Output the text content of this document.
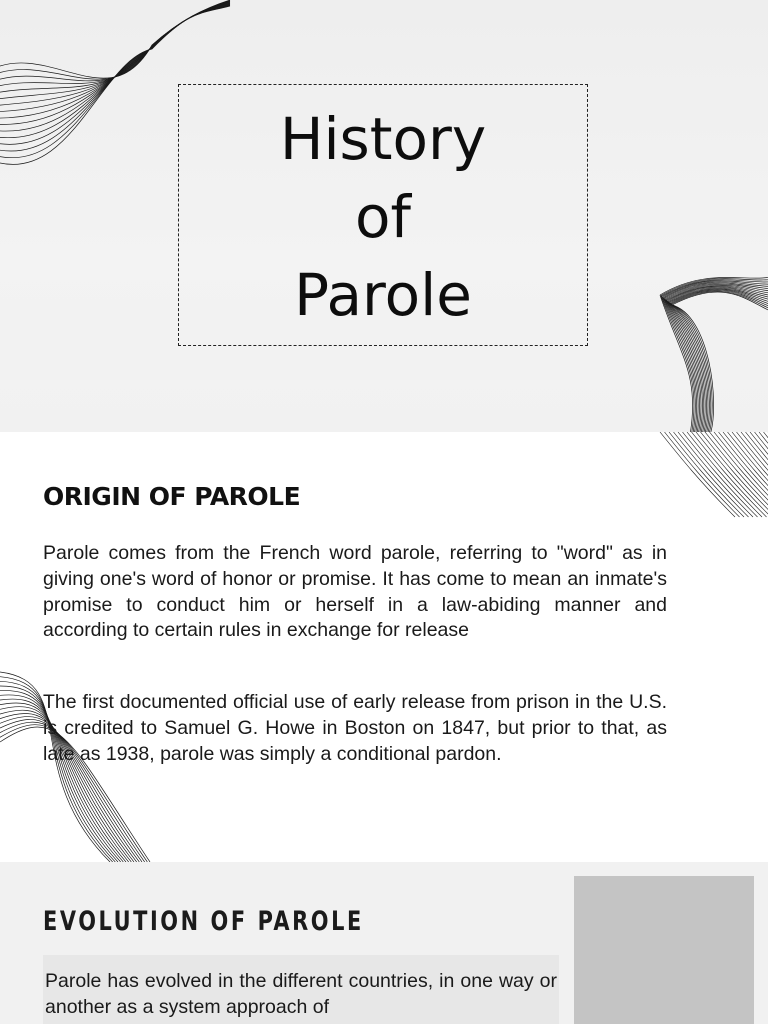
History
of
Parole
ORIGIN OF PAROLE

Parole comes from the French word parole, referring to "word" as in giving one's word of honor or promise. It has come to mean an inmate's promise to conduct him or herself in a law-abiding manner and according to certain rules in exchange for release

The first documented official use of early release from prison in the U.S. is credited to Samuel G. Howe in Boston on 1847, but prior to that, as late as 1938, parole was simply a conditional pardon.

EVOLUTION OF PAROLE

Parole has evolved in the different countries, in one way or another as a system approach of
